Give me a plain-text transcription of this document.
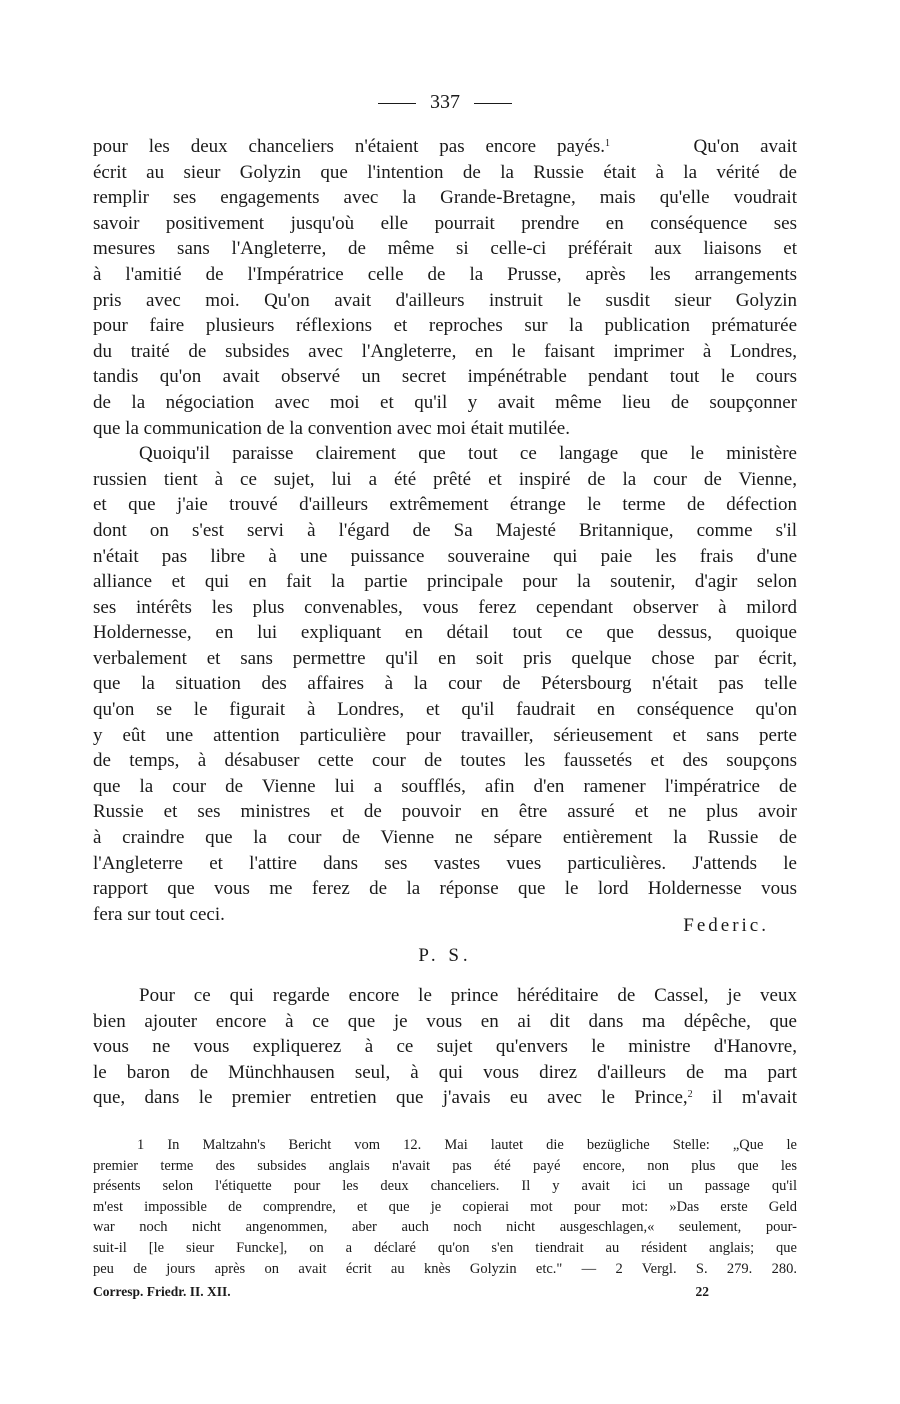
337

pour les deux chanceliers n'étaient pas encore payés.$^1$	Qu'on avait

écrit au sieur Golyzin que l'intention de la Russie était à la vérité de

remplir ses engagements avec la Grande-Bretagne, mais qu'elle voudrait

savoir positivement jusqu'où elle pourrait prendre en conséquence ses

mesures sans l'Angleterre, de même si celle-ci préférait aux liaisons et

à l'amitié de l'Impératrice celle de la Prusse, après les arrangements

pris avec moi. Qu'on avait d'ailleurs instruit le susdit sieur Golyzin

pour faire plusieurs réflexions et reproches sur la publication prématurée

du traité de subsides avec l'Angleterre, en le faisant imprimer à Londres,

tandis qu'on avait observé un secret impénétrable pendant tout le cours

de la négociation avec moi et qu'il y avait même lieu de soupçonner

que la communication de la convention avec moi était mutilée.

Quoiqu'il paraisse clairement que tout ce langage que le ministère

russien tient à ce sujet, lui a été prêté et inspiré de la cour de Vienne,

et que j'aie trouvé d'ailleurs extrêmement étrange le terme de défection

dont on s'est servi à l'égard de Sa Majesté Britannique, comme s'il

n'était pas libre à une puissance souveraine qui paie les frais d'une

alliance et qui en fait la partie principale pour la soutenir, d'agir selon

ses intérêts les plus convenables, vous ferez cependant observer à milord

Holdernesse, en lui expliquant en détail tout ce que dessus, quoique

verbalement et sans permettre qu'il en soit pris quelque chose par écrit,

que la situation des affaires à la cour de Pétersbourg n'était pas telle

qu'on se le figurait à Londres, et qu'il faudrait en conséquence qu'on

y eût une attention particulière pour travailler, sérieusement et sans perte

de temps, à désabuser cette cour de toutes les faussetés et des soupçons

que la cour de Vienne lui a soufflés, afin d'en ramener l'impératrice de

Russie et ses ministres et de pouvoir en être assuré et ne plus avoir

à craindre que la cour de Vienne ne sépare entièrement la Russie de

l'Angleterre et l'attire dans ses vastes vues particulières. J'attends le

rapport que vous me ferez de la réponse que le lord Holdernesse vous

fera sur tout ceci.

Federic.
P. S.

Pour ce qui regarde encore le prince héréditaire de Cassel, je veux

bien ajouter encore à ce que je vous en ai dit dans ma dépêche, que

vous ne vous expliquerez à ce sujet qu'envers le ministre d'Hanovre,

le baron de Münchhausen seul, à qui vous direz d'ailleurs de ma part

que, dans le premier entretien que j'avais eu avec le Prince,$^2$ il m'avait

1 In Maltzahn's Bericht vom 12. Mai lautet die bezügliche Stelle: „Que le

premier terme des subsides anglais n'avait pas été payé encore, non plus que les

présents selon l'étiquette pour les deux chanceliers. Il y avait ici un passage qu'il

m'est impossible de comprendre, et que je copierai mot pour mot: »Das erste Geld

war noch nicht angenommen, aber auch noch nicht ausgeschlagen,« seulement, pour-

suit-il [le sieur Funcke], on a déclaré qu'on s'en tiendrait au résident anglais; que

peu de jours après on avait écrit au knès Golyzin etc." — 2 Vergl. S. 279. 280.

Corresp. Friedr. II. XII.	22
